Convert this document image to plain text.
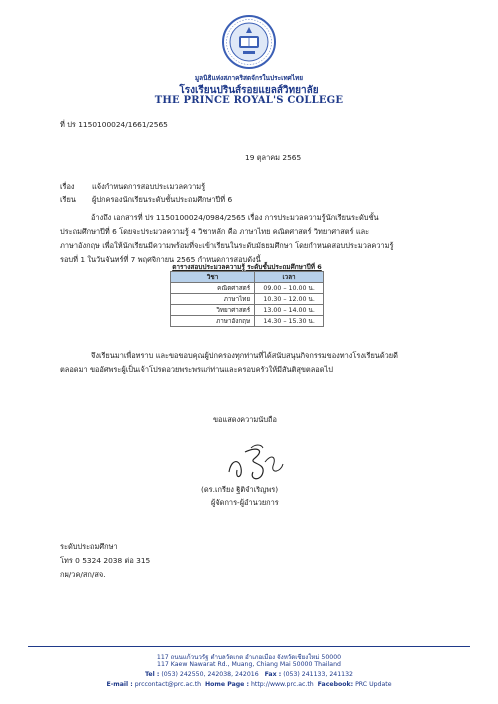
มูลนิธิแห่งสภาคริสตจักรในประเทศไทย
โรงเรียนปรินส์รอยแยลส์วิทยาลัย
THE PRINCE ROYAL'S COLLEGE
ที่ ปร 1150100024/1661/2565
19 ตุลาคม 2565
เรื่อง แจ้งกำหนดการสอบประเมวลความรู้
เรียน ผู้ปกครองนักเรียนระดับชั้นประถมศึกษาปีที่ 6
อ้างถึง เอกสารที่ ปร 1150100024/0984/2565 เรื่อง การประมวลความรู้นักเรียนระดับชั้น
ประถมศึกษาปีที่ 6 โดยจะประมวลความรู้ 4 วิชาหลัก คือ ภาษาไทย คณิตศาสตร์ วิทยาศาสตร์ และ
ภาษาอังกฤษ เพื่อให้นักเรียนมีความพร้อมที่จะเข้าเรียนในระดับมัธยมศึกษา โดยกำหนดสอบประมวลความรู้
รอบที่ 1 ในวันจันทร์ที่ 7 พฤศจิกายน 2565 กำหนดการสอบดังนี้
ตารางสอบประมวลความรู้ ระดับชั้นประถมศึกษาปีที่ 6
วิชา	เวลา
คณิตศาสตร์	09.00 – 10.00 น.
ภาษาไทย	10.30 – 12.00 น.
วิทยาศาสตร์	13.00 – 14.00 น.
ภาษาอังกฤษ	14.30 – 15.30 น.
จึงเรียนมาเพื่อทราบ และขอขอบคุณผู้ปกครองทุกท่านที่ได้สนับสนุนกิจกรรมของทางโรงเรียนด้วยดี
ตลอดมา ขออัศพระผู้เป็นเจ้าโปรดอวยพระพรแก่ท่านและครอบครัวให้มีสันติสุขตลอดไป
ขอแสดงความนับถือ
(ดร.เกรียง ฐิติจำเริญพร)
ผู้จัดการ-ผู้อำนวยการ
ระดับประถมศึกษา
โทร 0 5324 2038 ต่อ 315
กผ/วค/สก/สจ.
117 ถนนแก้วนวรัฐ ตำบลวัดเกต อำเภอเมือง จังหวัดเชียงใหม่ 50000
117 Kaew Nawarat Rd., Muang, Chiang Mai 50000 Thailand
Tel : (053) 242550, 242038, 242016 Fax : (053) 241133, 241132
E-mail : prccontact@prc.ac.th Home Page : http://www.prc.ac.th Facebook: PRC Update
